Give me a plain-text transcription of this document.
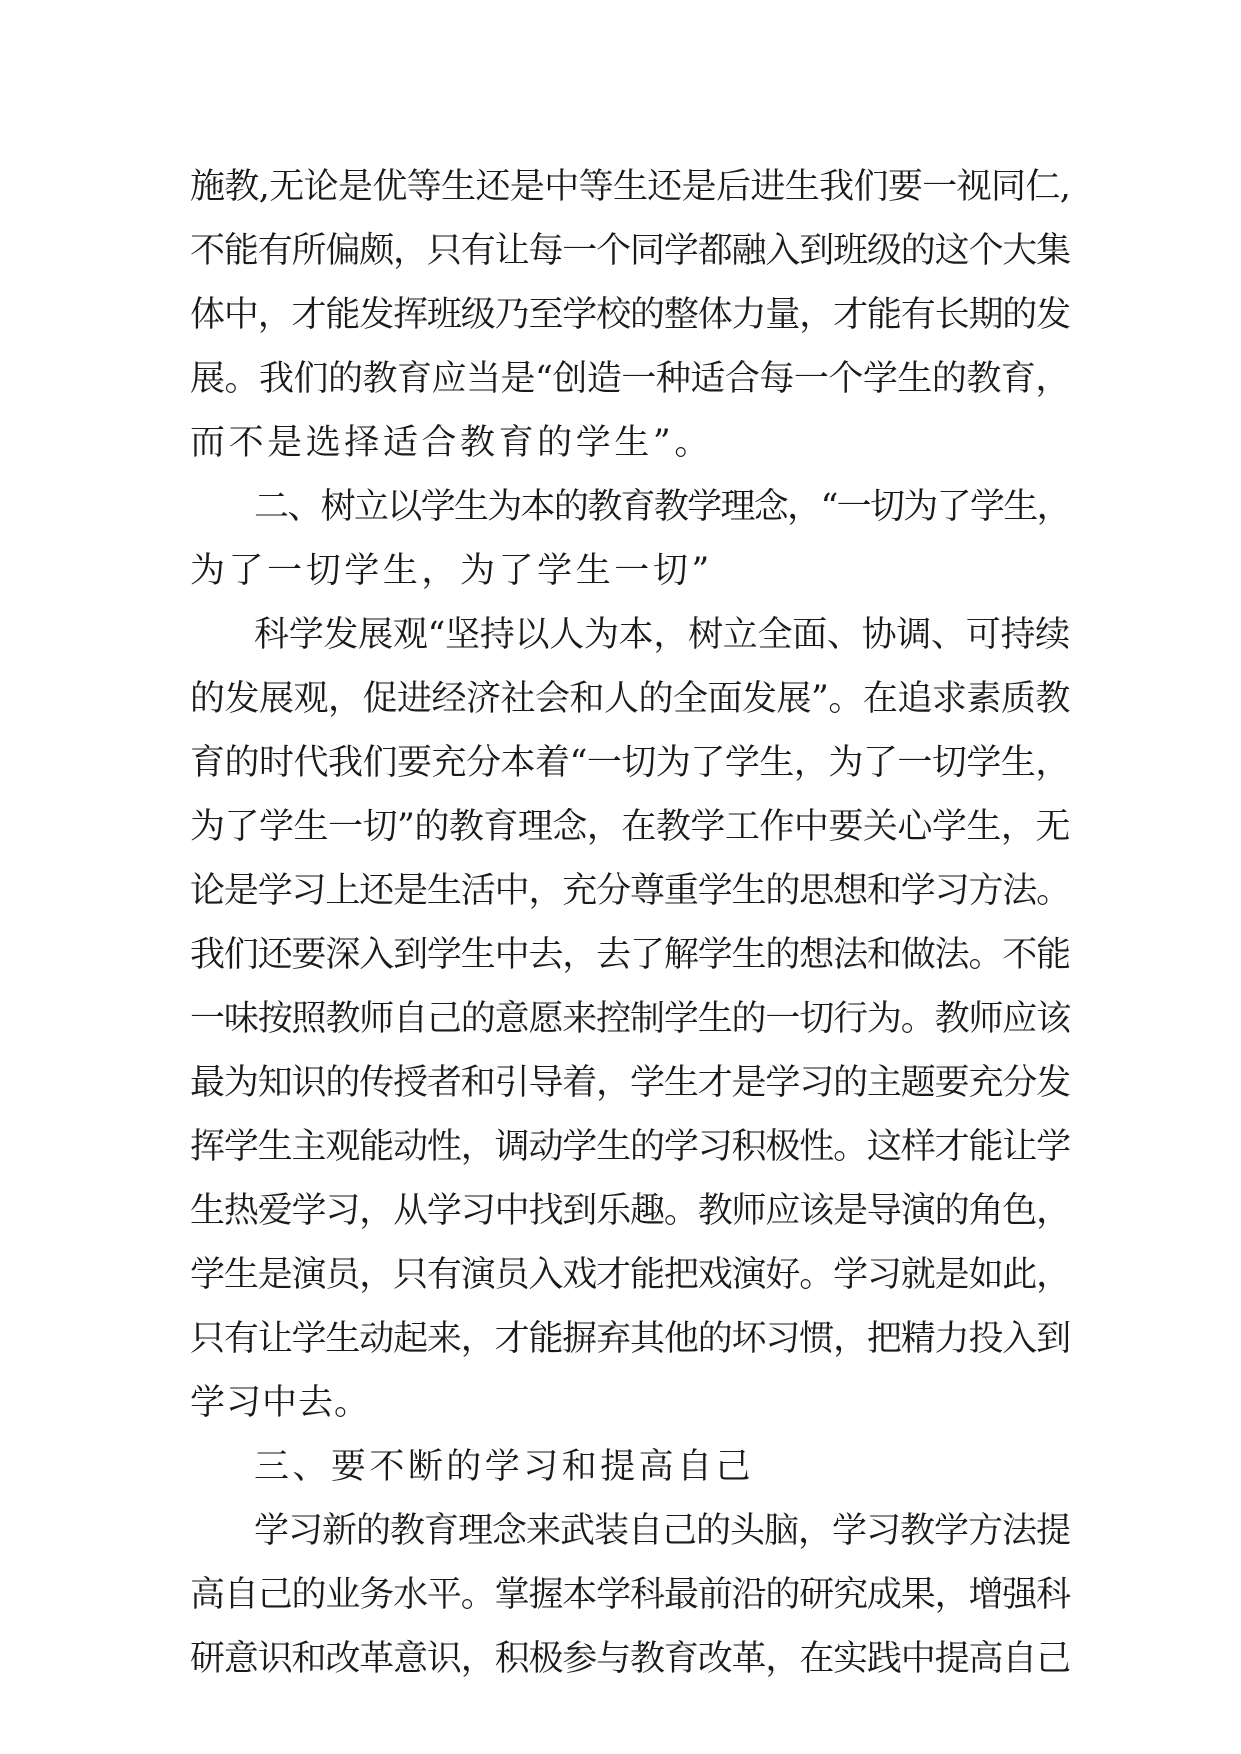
施教,无论是优等生还是中等生还是后进生我们要一视同仁,
不能有所偏颇，只有让每一个同学都融入到班级的这个大集
体中，才能发挥班级乃至学校的整体力量，才能有长期的发
展。我们的教育应当是“创造一种适合每一个学生的教育，
而不是选择适合教育的学生”。
二、树立以学生为本的教育教学理念，“一切为了学生，
为了一切学生，为了学生一切”
科学发展观“坚持以人为本，树立全面、协调、可持续
的发展观，促进经济社会和人的全面发展”。在追求素质教
育的时代我们要充分本着“一切为了学生，为了一切学生，
为了学生一切”的教育理念，在教学工作中要关心学生，无
论是学习上还是生活中，充分尊重学生的思想和学习方法。
我们还要深入到学生中去，去了解学生的想法和做法。不能
一味按照教师自己的意愿来控制学生的一切行为。教师应该
最为知识的传授者和引导着，学生才是学习的主题要充分发
挥学生主观能动性，调动学生的学习积极性。这样才能让学
生热爱学习，从学习中找到乐趣。教师应该是导演的角色，
学生是演员，只有演员入戏才能把戏演好。学习就是如此，
只有让学生动起来，才能摒弃其他的坏习惯，把精力投入到
学习中去。
三、要不断的学习和提高自己
学习新的教育理念来武装自己的头脑，学习教学方法提
高自己的业务水平。掌握本学科最前沿的研究成果，增强科
研意识和改革意识，积极参与教育改革，在实践中提高自己
